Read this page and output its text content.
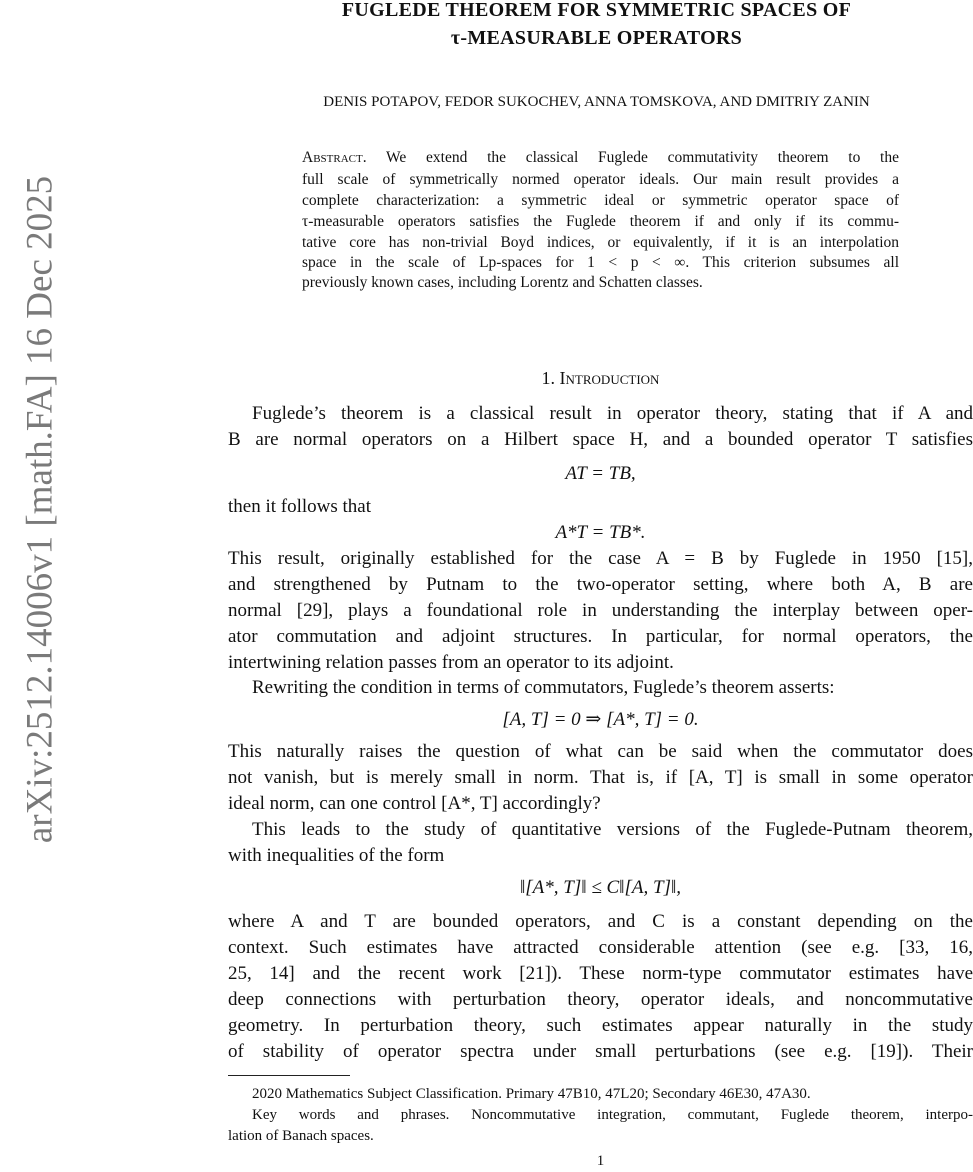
arXiv:2512.14006v1 [math.FA] 16 Dec 2025
FUGLEDE THEOREM FOR SYMMETRIC SPACES OF
τ-MEASURABLE OPERATORS
DENIS POTAPOV, FEDOR SUKOCHEV, ANNA TOMSKOVA, AND DMITRIY ZANIN
Abstract. We extend the classical Fuglede commutativity theorem to the
full scale of symmetrically normed operator ideals. Our main result provides a
complete characterization: a symmetric ideal or symmetric operator space of
τ-measurable operators satisfies the Fuglede theorem if and only if its commu-
tative core has non-trivial Boyd indices, or equivalently, if it is an interpolation
space in the scale of Lp-spaces for 1 < p < ∞. This criterion subsumes all
previously known cases, including Lorentz and Schatten classes.
1. Introduction
Fuglede’s theorem is a classical result in operator theory, stating that if A and
B are normal operators on a Hilbert space H, and a bounded operator T satisfies
AT = TB,
then it follows that
A*T = TB*.
This result, originally established for the case A = B by Fuglede in 1950 [15],
and strengthened by Putnam to the two-operator setting, where both A, B are
normal [29], plays a foundational role in understanding the interplay between oper-
ator commutation and adjoint structures. In particular, for normal operators, the
intertwining relation passes from an operator to its adjoint.
Rewriting the condition in terms of commutators, Fuglede’s theorem asserts:
[A, T] = 0 ⇒ [A*, T] = 0.
This naturally raises the question of what can be said when the commutator does
not vanish, but is merely small in norm. That is, if [A, T] is small in some operator
ideal norm, can one control [A*, T] accordingly?
This leads to the study of quantitative versions of the Fuglede-Putnam theorem,
with inequalities of the form
‖[A*, T]‖ ≤ C‖[A, T]‖,
where A and T are bounded operators, and C is a constant depending on the
context. Such estimates have attracted considerable attention (see e.g. [33, 16,
25, 14] and the recent work [21]). These norm-type commutator estimates have
deep connections with perturbation theory, operator ideals, and noncommutative
geometry. In perturbation theory, such estimates appear naturally in the study
of stability of operator spectra under small perturbations (see e.g. [19]). Their
2020 Mathematics Subject Classification. Primary 47B10, 47L20; Secondary 46E30, 47A30.
Key words and phrases. Noncommutative integration, commutant, Fuglede theorem, interpo-
lation of Banach spaces.
1
